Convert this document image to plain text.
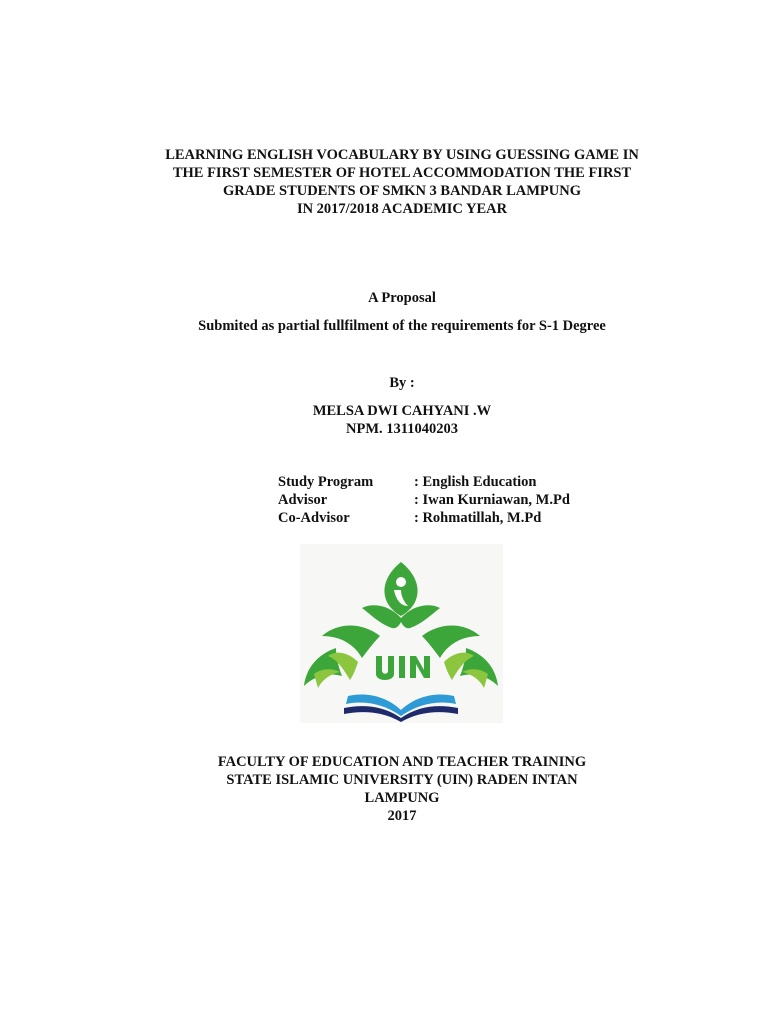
LEARNING ENGLISH VOCABULARY BY USING GUESSING GAME IN
THE FIRST SEMESTER OF HOTEL ACCOMMODATION THE FIRST
GRADE STUDENTS OF SMKN 3 BANDAR LAMPUNG
IN 2017/2018 ACADEMIC YEAR
A Proposal
Submited as partial fullfilment of the requirements for S-1 Degree
By :
MELSA DWI CAHYANI .W
NPM. 1311040203
Study Program	: English Education
Advisor	: Iwan Kurniawan, M.Pd
Co-Advisor	: Rohmatillah, M.Pd
FACULTY OF EDUCATION AND TEACHER TRAINING
STATE ISLAMIC UNIVERSITY (UIN) RADEN INTAN
LAMPUNG
2017
